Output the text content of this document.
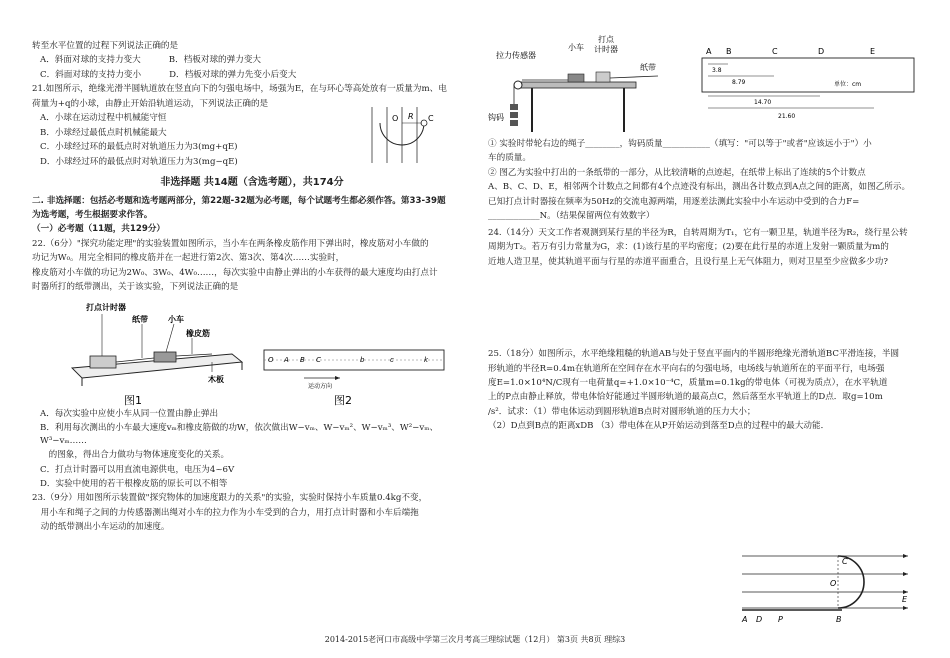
转至水平位置的过程下列说法正确的是

A．斜面对球的支持力变大	B．档板对球的弹力变大
C．斜面对球的支持力变小	D．档板对球的弹力先变小后变大

21.如图所示，绝缘光滑半圆轨道放在竖直向下的匀强电场中，场强为E，在与环心等高处放有一质量为m、电

荷量为+q的小球，由静止开始沿轨道运动，下列说法正确的是

A．小球在运动过程中机械能守恒

B．小球经过最低点时机械能最大

C．小球经过环的最低点时对轨道压力为3(mg+qE)

D．小球经过环的最低点时对轨道压力为3(mg−qE)

O R C
非选择题 共14题（含选考题），共174分

二. 非选择题：包括必考题和选考题两部分，第22题-32题为必考题，每个试题考生都必须作答。第33-39题

为选考题，考生根据要求作答。

（一）必考题（11题，共129分）

22.（6分）"探究功能定理"的实验装置如图所示，当小车在两条橡皮筋作用下弹出时，橡皮筋对小车做的

功记为W₀。用完全相同的橡皮筋并在一起进行第2次、第3次、第4次……实验时，

橡皮筋对小车做的功记为2W₀、3W₀、4W₀……，每次实验中由静止弹出的小车获得的最大速度均由打点计

时器所打的纸带测出，关于该实验，下列说法正确的是

打点计时器
纸带	小车
橡皮筋
木板
图1
O A B C	b	c	k
运动方向
图2

A．每次实验中应使小车从同一位置由静止弹出

B．利用每次测出的小车最大速度vₘ和橡皮筋做的功W，依次做出W−vₘ、W−vₘ²、W−vₘ³、W²−vₘ、W³−vₘ……

的图象，得出合力做功与物体速度变化的关系。

C．打点计时器可以用直流电源供电，电压为4~6V

D．实验中使用的若干根橡皮筋的原长可以不相等

23.（9分）用如图所示装置做"探究物体的加速度跟力的关系"的实验，实验时保持小车质量0.4kg不变，

用小车和绳子之间的力传感器测出绳对小车的拉力作为小车受到的合力，用打点计时器和小车后端拖

动的纸带测出小车运动的加速度。

拉力传感器
小车
打点
计时器
纸带
钩码
A B	C	D	E
3.8
8.79
14.70
21.60
单位：cm

① 实验时带轮右边的绳子________，钩码质量___________（填写："可以等于"或者"应该远小于"）小

车的质量。

② 图乙为实验中打出的一条纸带的一部分，从比较清晰的点迹起，在纸带上标出了连续的5个计数点

A、B、C、D、E，相邻两个计数点之间都有4个点迹没有标出，测出各计数点到A点之间的距离，如图乙所示。

已知打点计时器接在频率为50Hz的交流电源两端，用逐差法测此实验中小车运动中受到的合力F=

____________N。（结果保留两位有效数字）

24.（14分）天文工作者观测到某行星的半径为R，自转周期为T₁，它有一颗卫星，轨道半径为R₂，绕行星公转

周期为T₂。若万有引力常量为G，求：(1)该行星的平均密度；(2)要在此行星的赤道上发射一颗质量为m的

近地人造卫星，使其轨道平面与行星的赤道平面重合，且设行星上无气体阻力，则对卫星至少应做多少功?

25.（18分）如图所示，水平绝缘粗糙的轨道AB与处于竖直平面内的半圆形绝缘光滑轨道BC平滑连接，半圆

形轨道的半径R=0.4m在轨道所在空间存在水平向右的匀强电场，电场线与轨道所在的平面平行，电场强

度E=1.0×10⁴N/C现有一电荷量q=+1.0×10⁻⁴C，质量m=0.1kg的带电体（可视为质点），在水平轨道

上的P点由静止释放，带电体恰好能通过半圆形轨道的最高点C，然后落至水平轨道上的D点．取g=10m

/s²．试求：（1）带电体运动到圆形轨道B点时对圆形轨道的压力大小；

（2）D点到B点的距离xDB （3）带电体在从P开始运动到落至D点的过程中的最大动能．

C
O
E
A D P	B
2014-2015老河口市高级中学第三次月考高三理综试题（12月） 第3页 共8页 理综3
